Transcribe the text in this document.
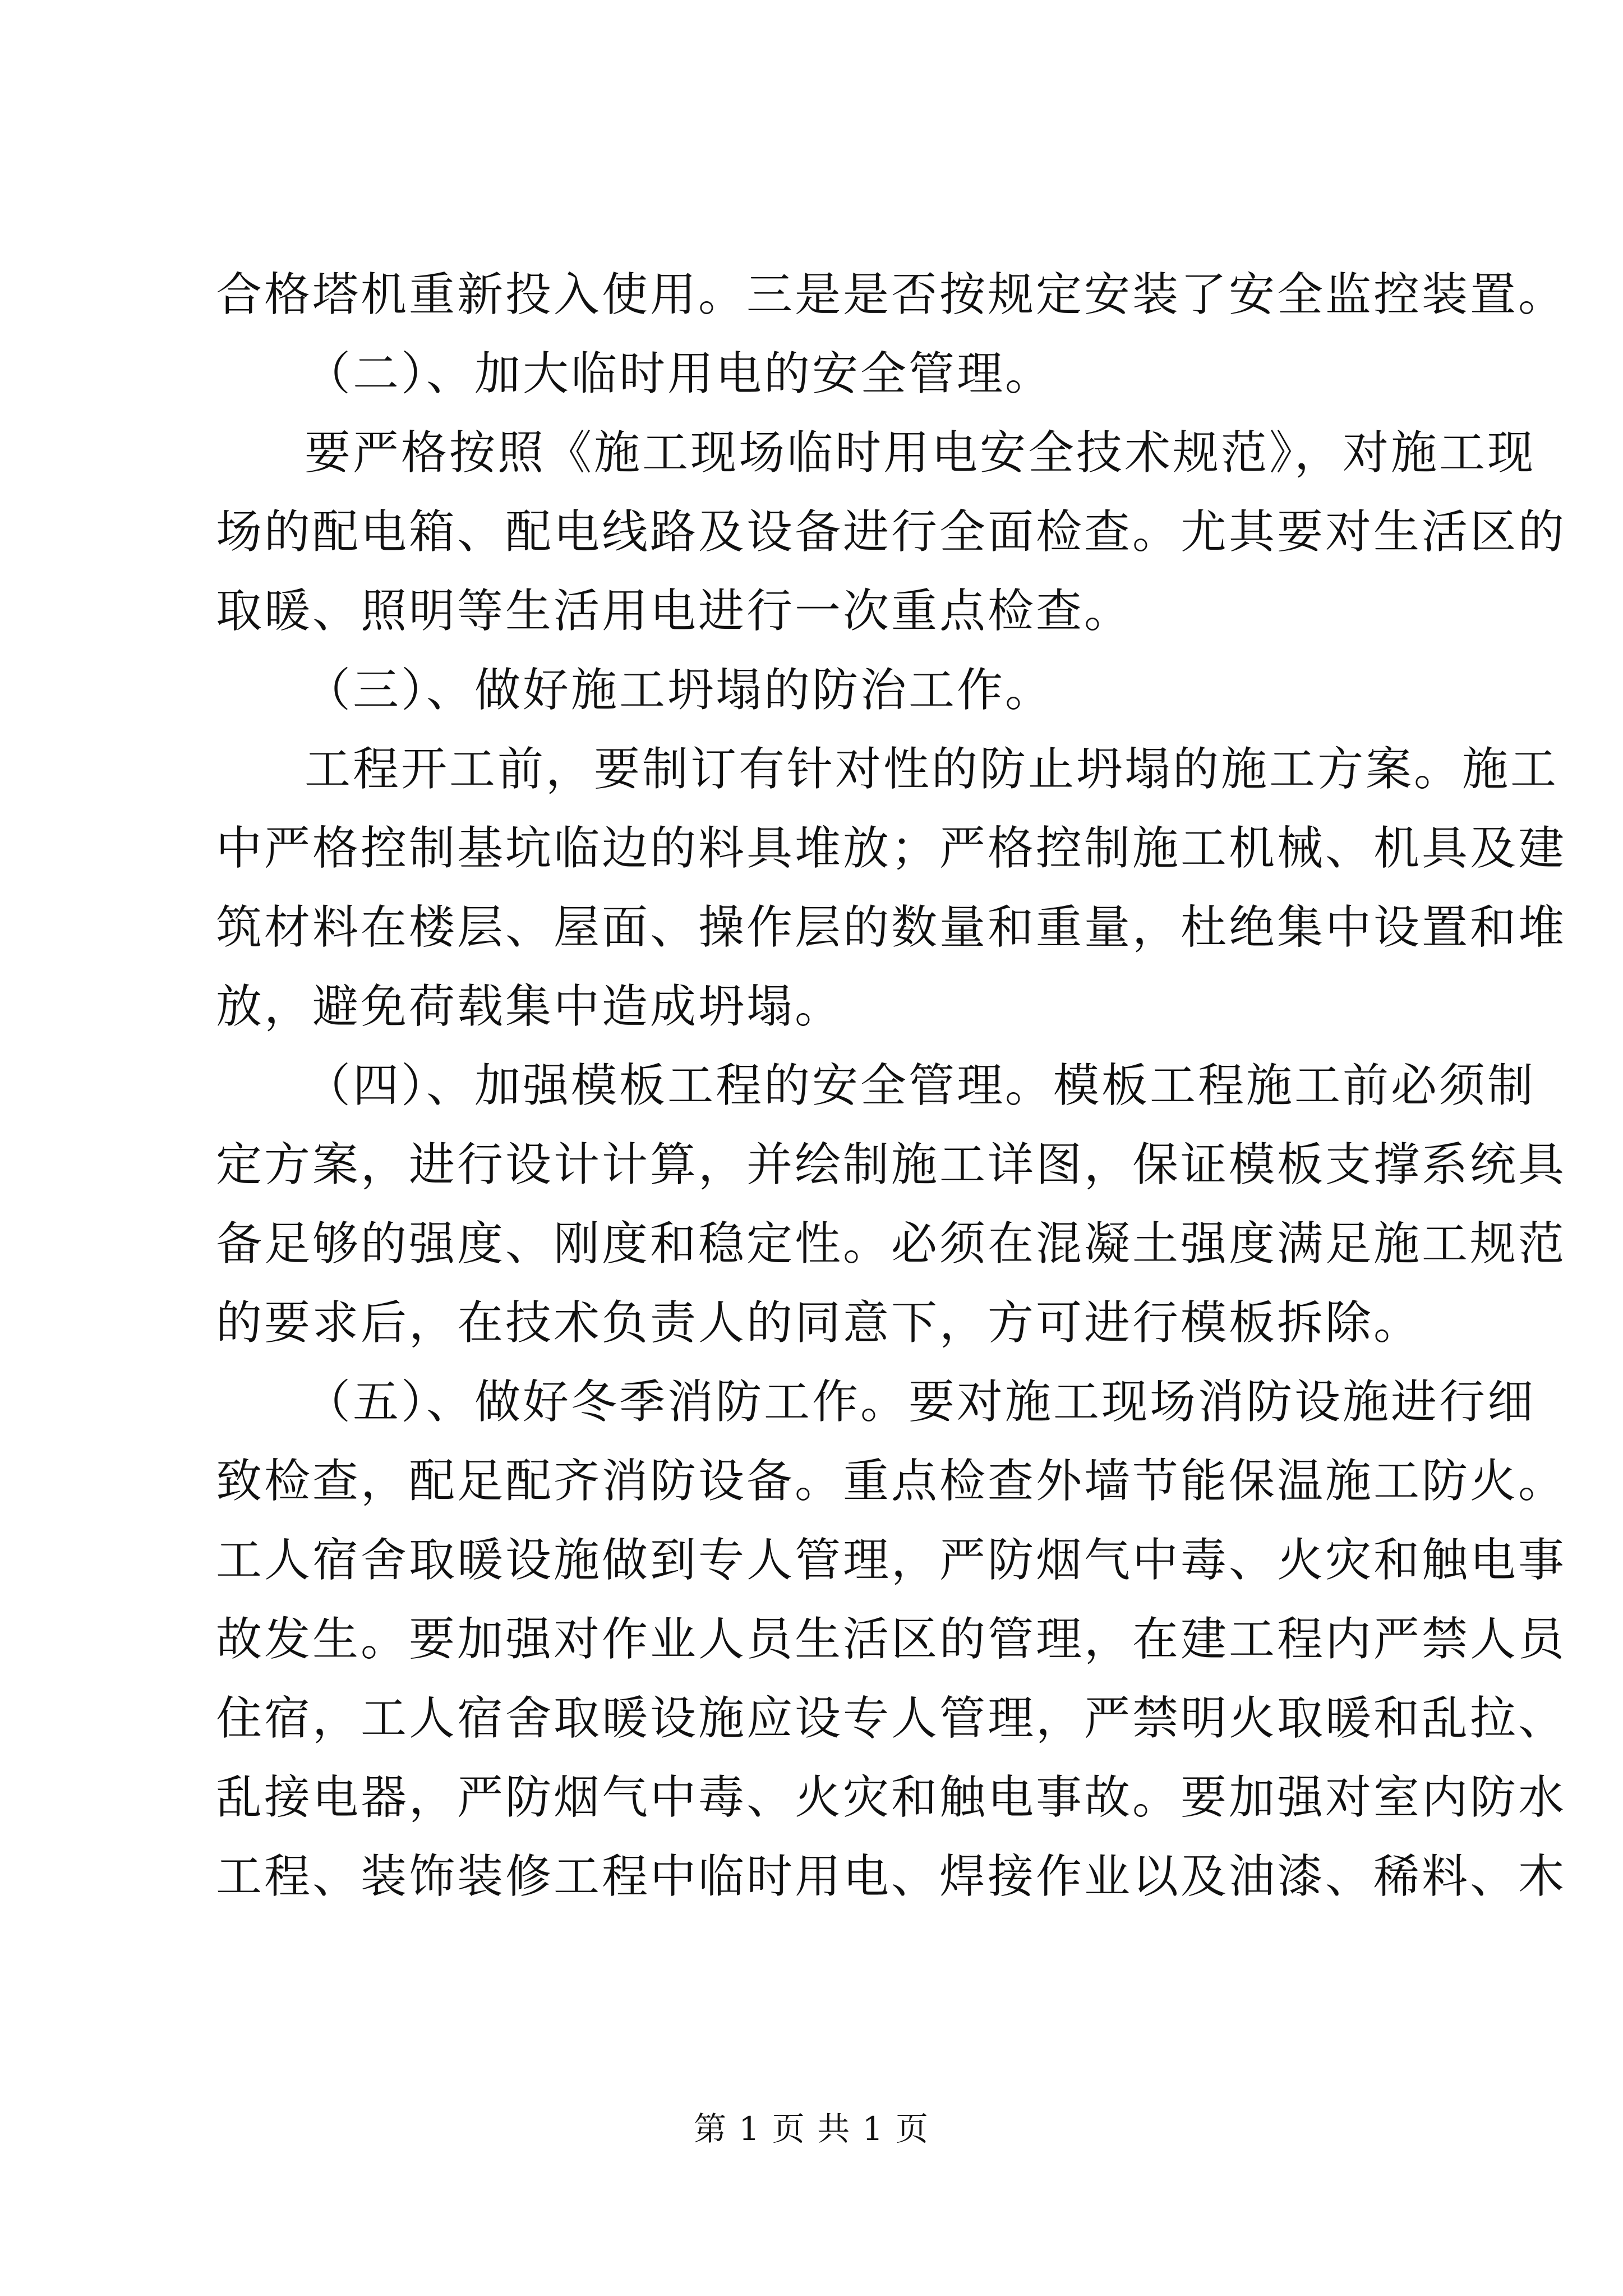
合格塔机重新投入使用。三是是否按规定安装了安全监控装置。
（二）、加大临时用电的安全管理。
要严格按照《施工现场临时用电安全技术规范》，对施工现
场的配电箱、配电线路及设备进行全面检查。尤其要对生活区的
取暖、照明等生活用电进行一次重点检查。
（三）、做好施工坍塌的防治工作。
工程开工前，要制订有针对性的防止坍塌的施工方案。施工
中严格控制基坑临边的料具堆放；严格控制施工机械、机具及建
筑材料在楼层、屋面、操作层的数量和重量，杜绝集中设置和堆
放，避免荷载集中造成坍塌。
（四）、加强模板工程的安全管理。模板工程施工前必须制
定方案，进行设计计算，并绘制施工详图，保证模板支撑系统具
备足够的强度、刚度和稳定性。必须在混凝土强度满足施工规范
的要求后，在技术负责人的同意下，方可进行模板拆除。
（五）、做好冬季消防工作。要对施工现场消防设施进行细
致检查，配足配齐消防设备。重点检查外墙节能保温施工防火。
工人宿舍取暖设施做到专人管理，严防烟气中毒、火灾和触电事
故发生。要加强对作业人员生活区的管理，在建工程内严禁人员
住宿，工人宿舍取暖设施应设专人管理，严禁明火取暖和乱拉、
乱接电器，严防烟气中毒、火灾和触电事故。要加强对室内防水
工程、装饰装修工程中临时用电、焊接作业以及油漆、稀料、木
第 1 页 共 1 页
